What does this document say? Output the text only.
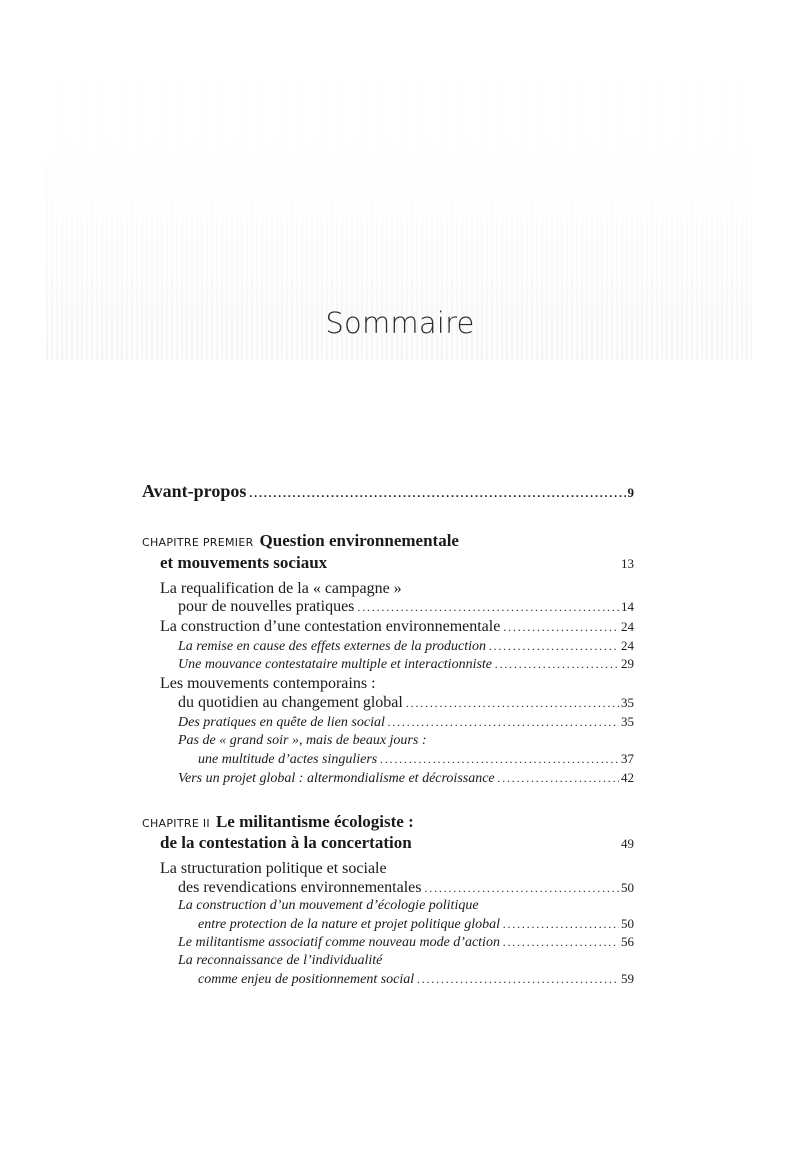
Sommaire
Avant-propos . . .	9
CHAPITRE PREMIER Question environnementale
et mouvements sociaux	13
La requalification de la « campagne »
pour de nouvelles pratiques . . .	14
La construction d’une contestation environnementale . . .	24
La remise en cause des effets externes de la production . . .	24
Une mouvance contestataire multiple et interactionniste . . .	29
Les mouvements contemporains :
du quotidien au changement global . . .	35
Des pratiques en quête de lien social . . .	35
Pas de « grand soir », mais de beaux jours :
une multitude d’actes singuliers . . .	37
Vers un projet global : altermondialisme et décroissance . . .	42
CHAPITRE II Le militantisme écologiste :
de la contestation à la concertation	49
La structuration politique et sociale
des revendications environnementales . . .	50
La construction d’un mouvement d’écologie politique
entre protection de la nature et projet politique global . . .	50
Le militantisme associatif comme nouveau mode d’action . . .	56
La reconnaissance de l’individualité
comme enjeu de positionnement social . . .	59
